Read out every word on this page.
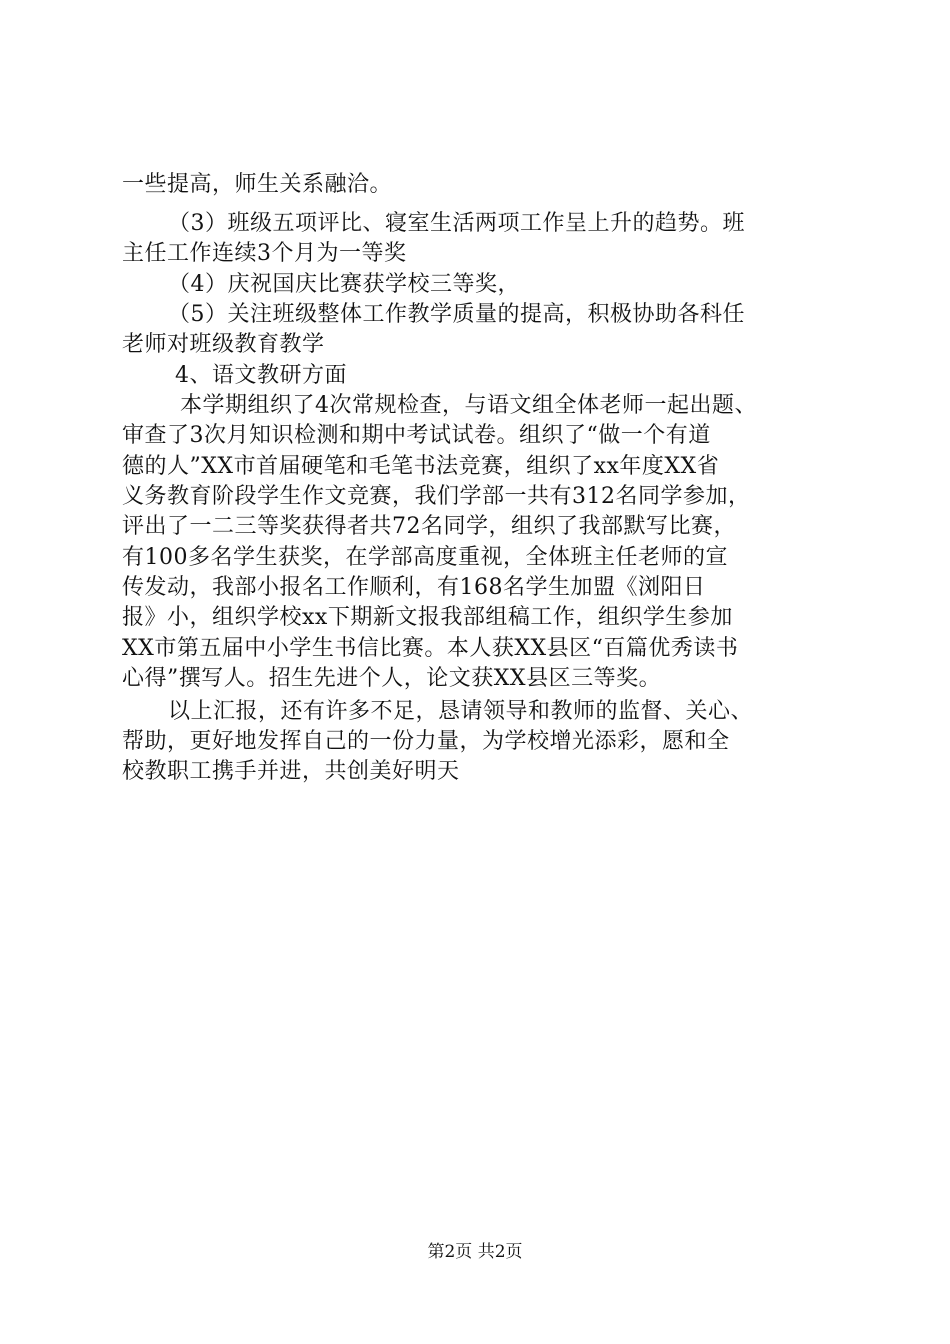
一些提高，师生关系融洽。
（3）班级五项评比、寝室生活两项工作呈上升的趋势。班
主任工作连续3个月为一等奖
（4）庆祝国庆比赛获学校三等奖，
（5）关注班级整体工作教学质量的提高，积极协助各科任
老师对班级教育教学
4、语文教研方面
本学期组织了4次常规检查，与语文组全体老师一起出题、
审查了3次月知识检测和期中考试试卷。组织了“做一个有道
德的人”XX市首届硬笔和毛笔书法竞赛，组织了xx年度XX省
义务教育阶段学生作文竞赛，我们学部一共有312名同学参加，
评出了一二三等奖获得者共72名同学，组织了我部默写比赛，
有100多名学生获奖，在学部高度重视，全体班主任老师的宣
传发动，我部小报名工作顺利，有168名学生加盟《浏阳日
报》小，组织学校xx下期新文报我部组稿工作，组织学生参加
XX市第五届中小学生书信比赛。本人获XX县区“百篇优秀读书
心得”撰写人。招生先进个人，论文获XX县区三等奖。
以上汇报，还有许多不足，恳请领导和教师的监督、关心、
帮助，更好地发挥自己的一份力量，为学校增光添彩，愿和全
校教职工携手并进，共创美好明天
第2页 共2页
